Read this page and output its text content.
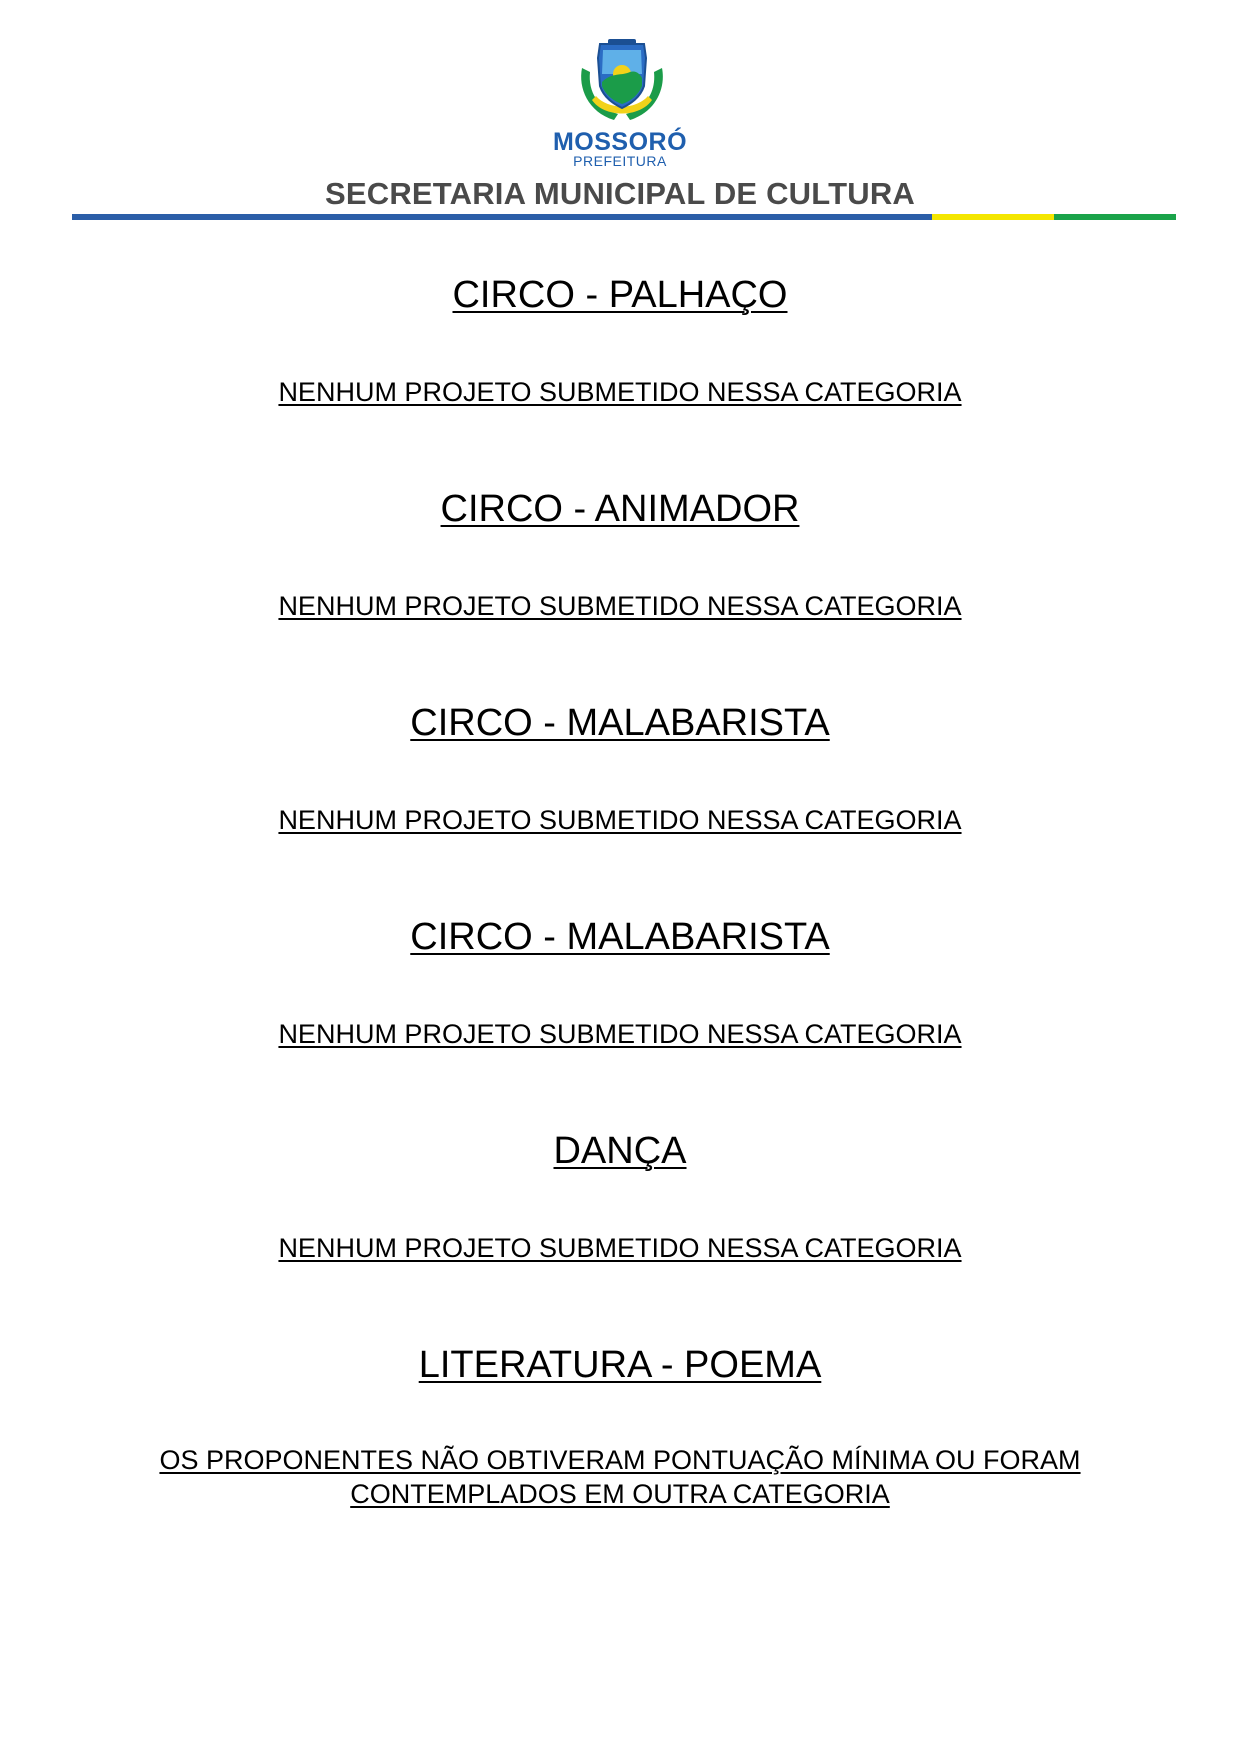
MOSSORÓ
PREFEITURA
SECRETARIA MUNICIPAL DE CULTURA
CIRCO - PALHAÇO

NENHUM PROJETO SUBMETIDO NESSA CATEGORIA

CIRCO - ANIMADOR

NENHUM PROJETO SUBMETIDO NESSA CATEGORIA

CIRCO - MALABARISTA

NENHUM PROJETO SUBMETIDO NESSA CATEGORIA

CIRCO - MALABARISTA

NENHUM PROJETO SUBMETIDO NESSA CATEGORIA

DANÇA

NENHUM PROJETO SUBMETIDO NESSA CATEGORIA

LITERATURA - POEMA

OS PROPONENTES NÃO OBTIVERAM PONTUAÇÃO MÍNIMA OU FORAM CONTEMPLADOS EM OUTRA CATEGORIA
